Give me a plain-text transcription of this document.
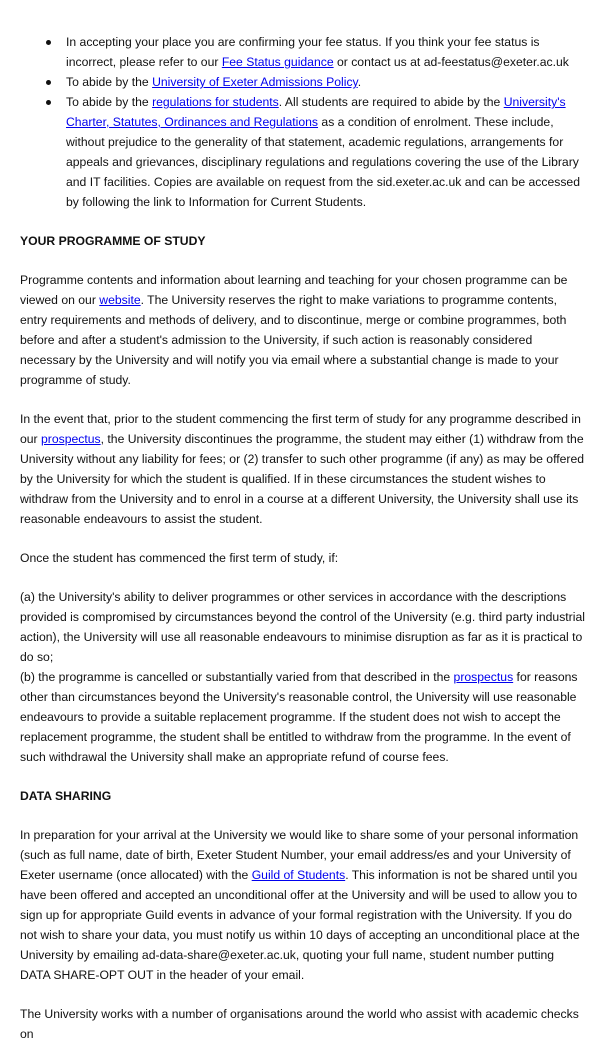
In accepting your place you are confirming your fee status. If you think your fee status is incorrect, please refer to our Fee Status guidance or contact us at ad-feestatus@exeter.ac.uk
To abide by the University of Exeter Admissions Policy.
To abide by the regulations for students. All students are required to abide by the University's Charter, Statutes, Ordinances and Regulations as a condition of enrolment. These include, without prejudice to the generality of that statement, academic regulations, arrangements for appeals and grievances, disciplinary regulations and regulations covering the use of the Library and IT facilities. Copies are available on request from the sid.exeter.ac.uk and can be accessed by following the link to Information for Current Students.

YOUR PROGRAMME OF STUDY

Programme contents and information about learning and teaching for your chosen programme can be viewed on our website. The University reserves the right to make variations to programme contents, entry requirements and methods of delivery, and to discontinue, merge or combine programmes, both before and after a student's admission to the University, if such action is reasonably considered necessary by the University and will notify you via email where a substantial change is made to your programme of study.

In the event that, prior to the student commencing the first term of study for any programme described in our prospectus, the University discontinues the programme, the student may either (1) withdraw from the University without any liability for fees; or (2) transfer to such other programme (if any) as may be offered by the University for which the student is qualified. If in these circumstances the student wishes to withdraw from the University and to enrol in a course at a different University, the University shall use its reasonable endeavours to assist the student.

Once the student has commenced the first term of study, if:

(a) the University's ability to deliver programmes or other services in accordance with the descriptions provided is compromised by circumstances beyond the control of the University (e.g. third party industrial action), the University will use all reasonable endeavours to minimise disruption as far as it is practical to do so;

(b) the programme is cancelled or substantially varied from that described in the prospectus for reasons other than circumstances beyond the University's reasonable control, the University will use reasonable endeavours to provide a suitable replacement programme. If the student does not wish to accept the replacement programme, the student shall be entitled to withdraw from the programme. In the event of such withdrawal the University shall make an appropriate refund of course fees.

DATA SHARING

In preparation for your arrival at the University we would like to share some of your personal information (such as full name, date of birth, Exeter Student Number, your email address/es and your University of Exeter username (once allocated) with the Guild of Students. This information is not be shared until you have been offered and accepted an unconditional offer at the University and will be used to allow you to sign up for appropriate Guild events in advance of your formal registration with the University. If you do not wish to share your data, you must notify us within 10 days of accepting an unconditional place at the University by emailing ad-data-share@exeter.ac.uk, quoting your full name, student number putting DATA SHARE-OPT OUT in the header of your email.

The University works with a number of organisations around the world who assist with academic checks on
